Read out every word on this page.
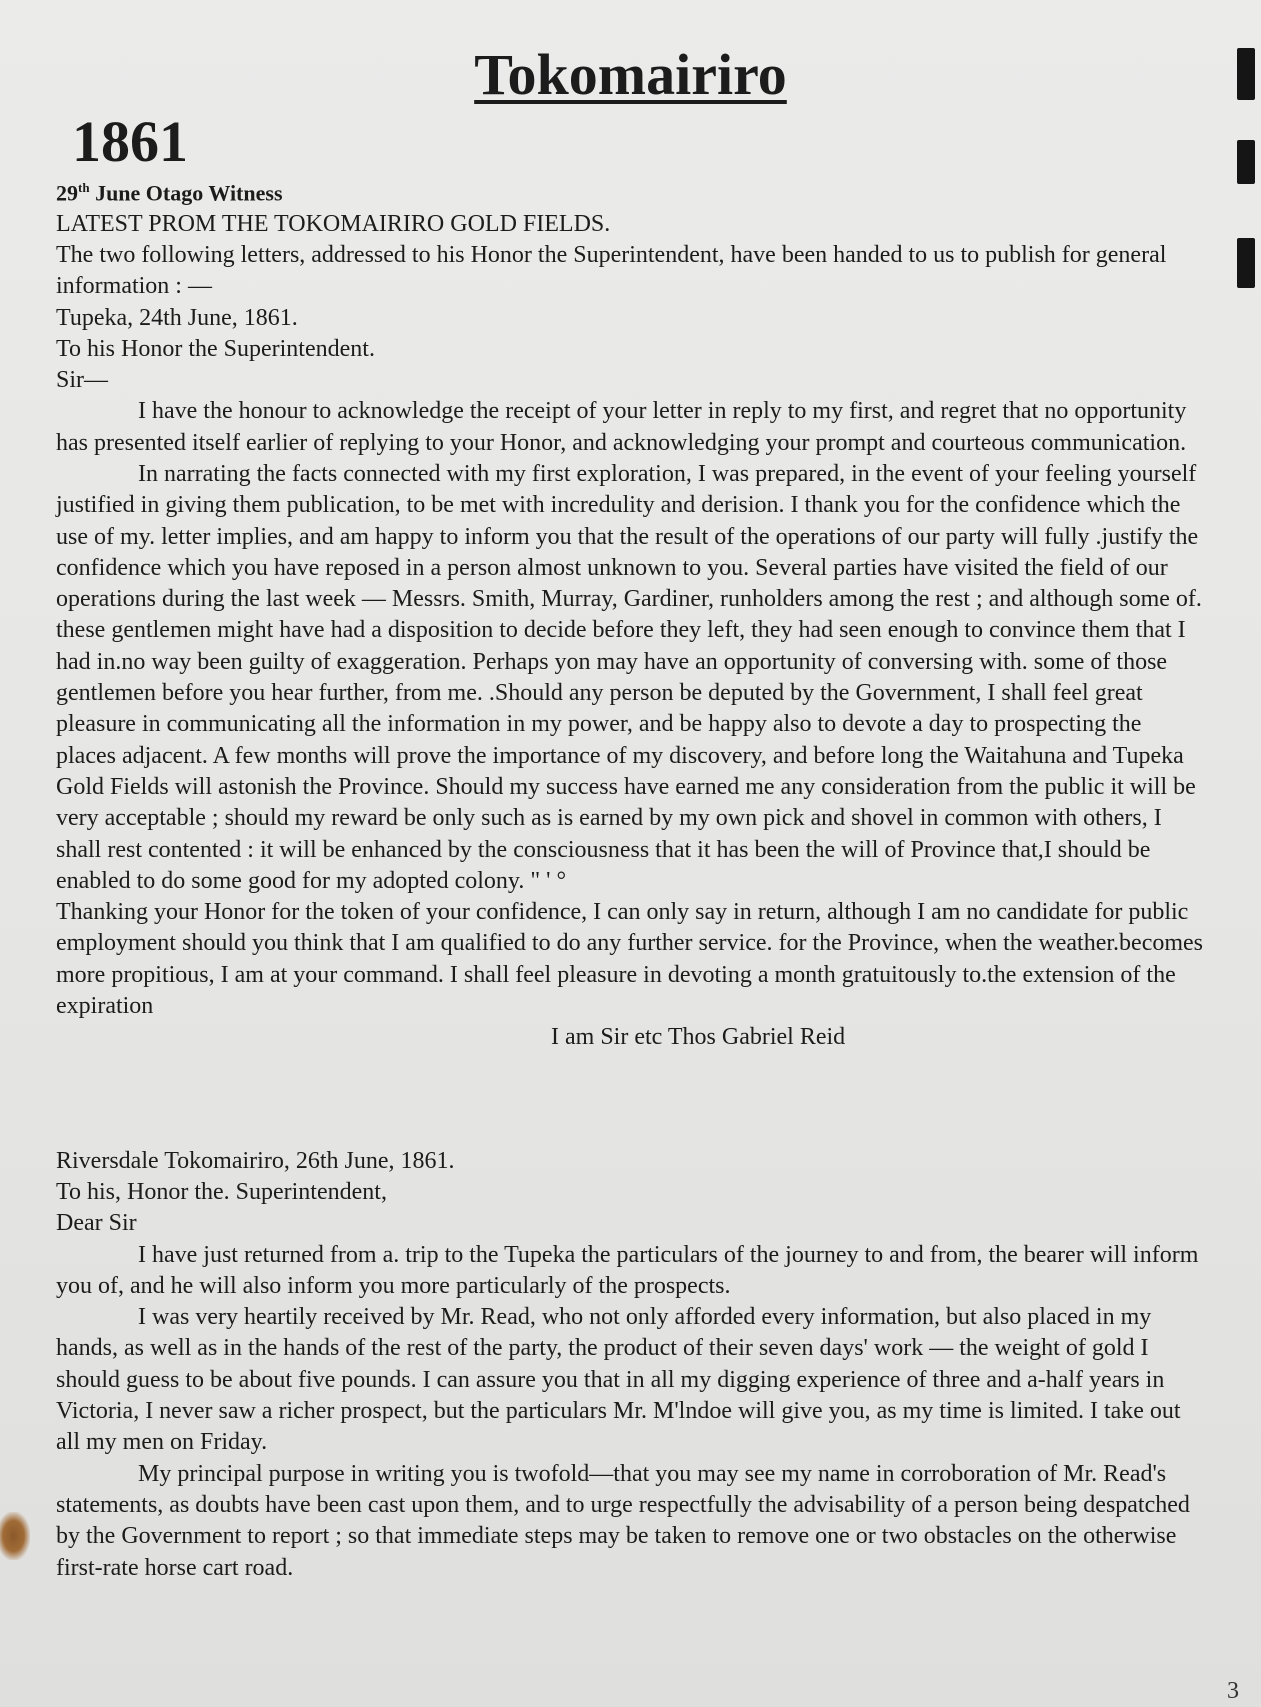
Tokomairiro
1861

29th June Otago Witness

LATEST PROM THE TOKOMAIRIRO GOLD FIELDS.

The two following letters, addressed to his Honor the Superintendent, have been handed to us to publish for general information : —

Tupeka, 24th June, 1861.

To his Honor the Superintendent.

Sir—

I have the honour to acknowledge the receipt of your letter in reply to my first, and regret that no opportunity has presented itself earlier of replying to your Honor, and acknowledging your prompt and courteous communication.

In narrating the facts connected with my first exploration, I was prepared, in the event of your feeling yourself justified in giving them publication, to be met with incredulity and derision. I thank you for the confidence which the use of my. letter implies, and am happy to inform you that the result of the operations of our party will fully .justify the confidence which you have reposed in a person almost unknown to you. Several parties have visited the field of our operations during the last week — Messrs. Smith, Murray, Gardiner, runholders among the rest ; and although some of. these gentlemen might have had a disposition to decide before they left, they had seen enough to convince them that I had in.no way been guilty of exaggeration. Perhaps yon may have an opportunity of conversing with. some of those gentlemen before you hear further, from me. .Should any person be deputed by the Government, I shall feel great pleasure in communicating all the information in my power, and be happy also to devote a day to prospecting the places adjacent. A few months will prove the importance of my discovery, and before long the Waitahuna and Tupeka Gold Fields will astonish the Province. Should my success have earned me any consideration from the public it will be very acceptable ; should my reward be only such as is earned by my own pick and shovel in common with others, I shall rest contented : it will be enhanced by the consciousness that it has been the will of Province that,I should be enabled to do some good for my adopted colony. " ' °

Thanking your Honor for the token of your confidence, I can only say in return, although I am no candidate for public employment should you think that I am qualified to do any further service. for the Province, when the weather.becomes more propitious, I am at your command. I shall feel pleasure in devoting a month gratuitously to.the extension of the expiration

I am Sir etc Thos Gabriel Reid

Riversdale Tokomairiro, 26th June, 1861.

To his, Honor the. Superintendent,

Dear Sir

I have just returned from a. trip to the Tupeka the particulars of the journey to and from, the bearer will inform you of, and he will also inform you more particularly of the prospects.

I was very heartily received by Mr. Read, who not only afforded every information, but also placed in my hands, as well as in the hands of the rest of the party, the product of their seven days' work — the weight of gold I should guess to be about five pounds. I can assure you that in all my digging experience of three and a-half years in Victoria, I never saw a richer prospect, but the particulars Mr. M'lndoe will give you, as my time is limited. I take out all my men on Friday.

My principal purpose in writing you is twofold—that you may see my name in corroboration of Mr. Read's statements, as doubts have been cast upon them, and to urge respectfully the advisability of a person being despatched by the Government to report ; so that immediate steps may be taken to remove one or two obstacles on the otherwise first-rate horse cart road.

3
